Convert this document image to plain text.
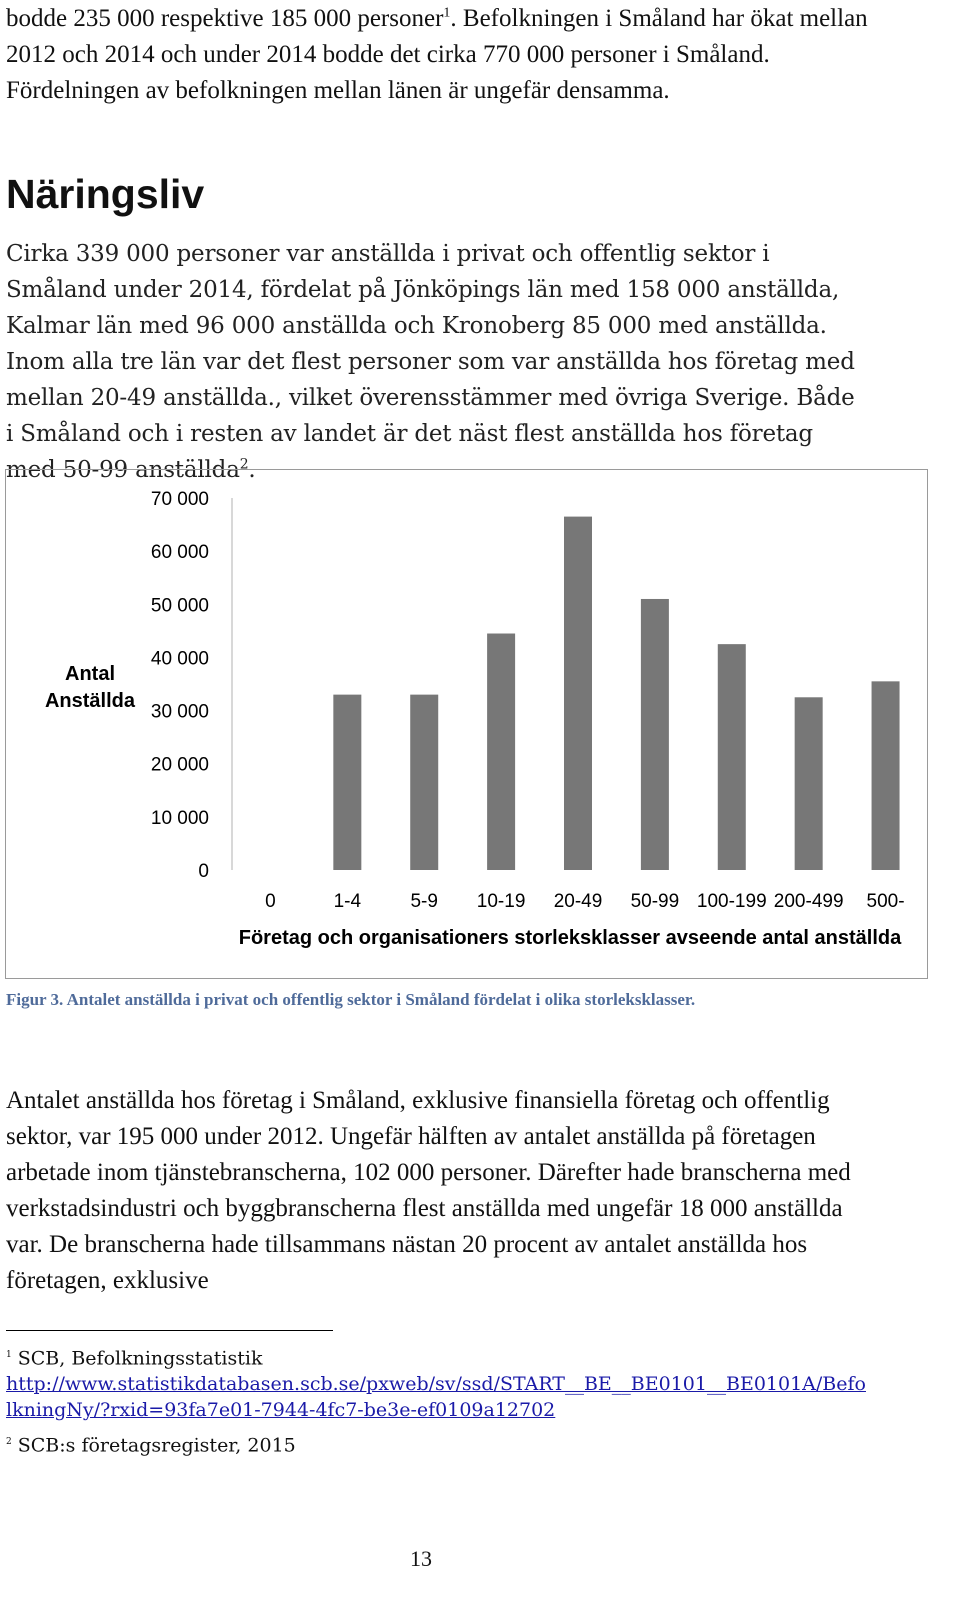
bodde 235 000 respektive 185 000 personer$^1$. Befolkningen i Småland har ökat mellan 2012 och 2014 och under 2014 bodde det cirka 770 000 personer i Småland. Fördelningen av befolkningen mellan länen är ungefär densamma.

Näringsliv

Cirka 339 000 personer var anställda i privat och offentlig sektor i Småland under 2014, fördelat på Jönköpings län med 158 000 anställda, Kalmar län med 96 000 anställda och Kronoberg 85 000 med anställda. Inom alla tre län var det flest personer som var anställda hos företag med mellan 20-49 anställda., vilket överensstämmer med övriga Sverige. Både i Småland och i resten av landet är det näst flest anställda hos företag med 50-99 anställda$^2$.

0
10 000
20 000
30 000
40 000
50 000
60 000
70 000
0	1-4	5-9 10-19 20-49 50-99 100-199 200-499 500-
Antal
Anställda
Företag och organisationers storleksklasser avseende antal anställda

Figur 3. Antalet anställda i privat och offentlig sektor i Småland fördelat i olika storleksklasser.

Antalet anställda hos företag i Småland, exklusive finansiella företag och offentlig sektor, var 195 000 under 2012. Ungefär hälften av antalet anställda på företagen arbetade inom tjänstebranscherna, 102 000 personer. Därefter hade branscherna med verkstadsindustri och byggbranscherna flest anställda med ungefär 18 000 anställda var. De branscherna hade tillsammans nästan 20 procent av antalet anställda hos företagen, exklusive

$^1$ SCB, Befolkningsstatistik
http://www.statistikdatabasen.scb.se/pxweb/sv/ssd/START__BE__BE0101__BE0101A/BefolkningNy/?rxid=93fa7e01-7944-4fc7-be3e-ef0109a12702

$^2$ SCB:s företagsregister, 2015

13
